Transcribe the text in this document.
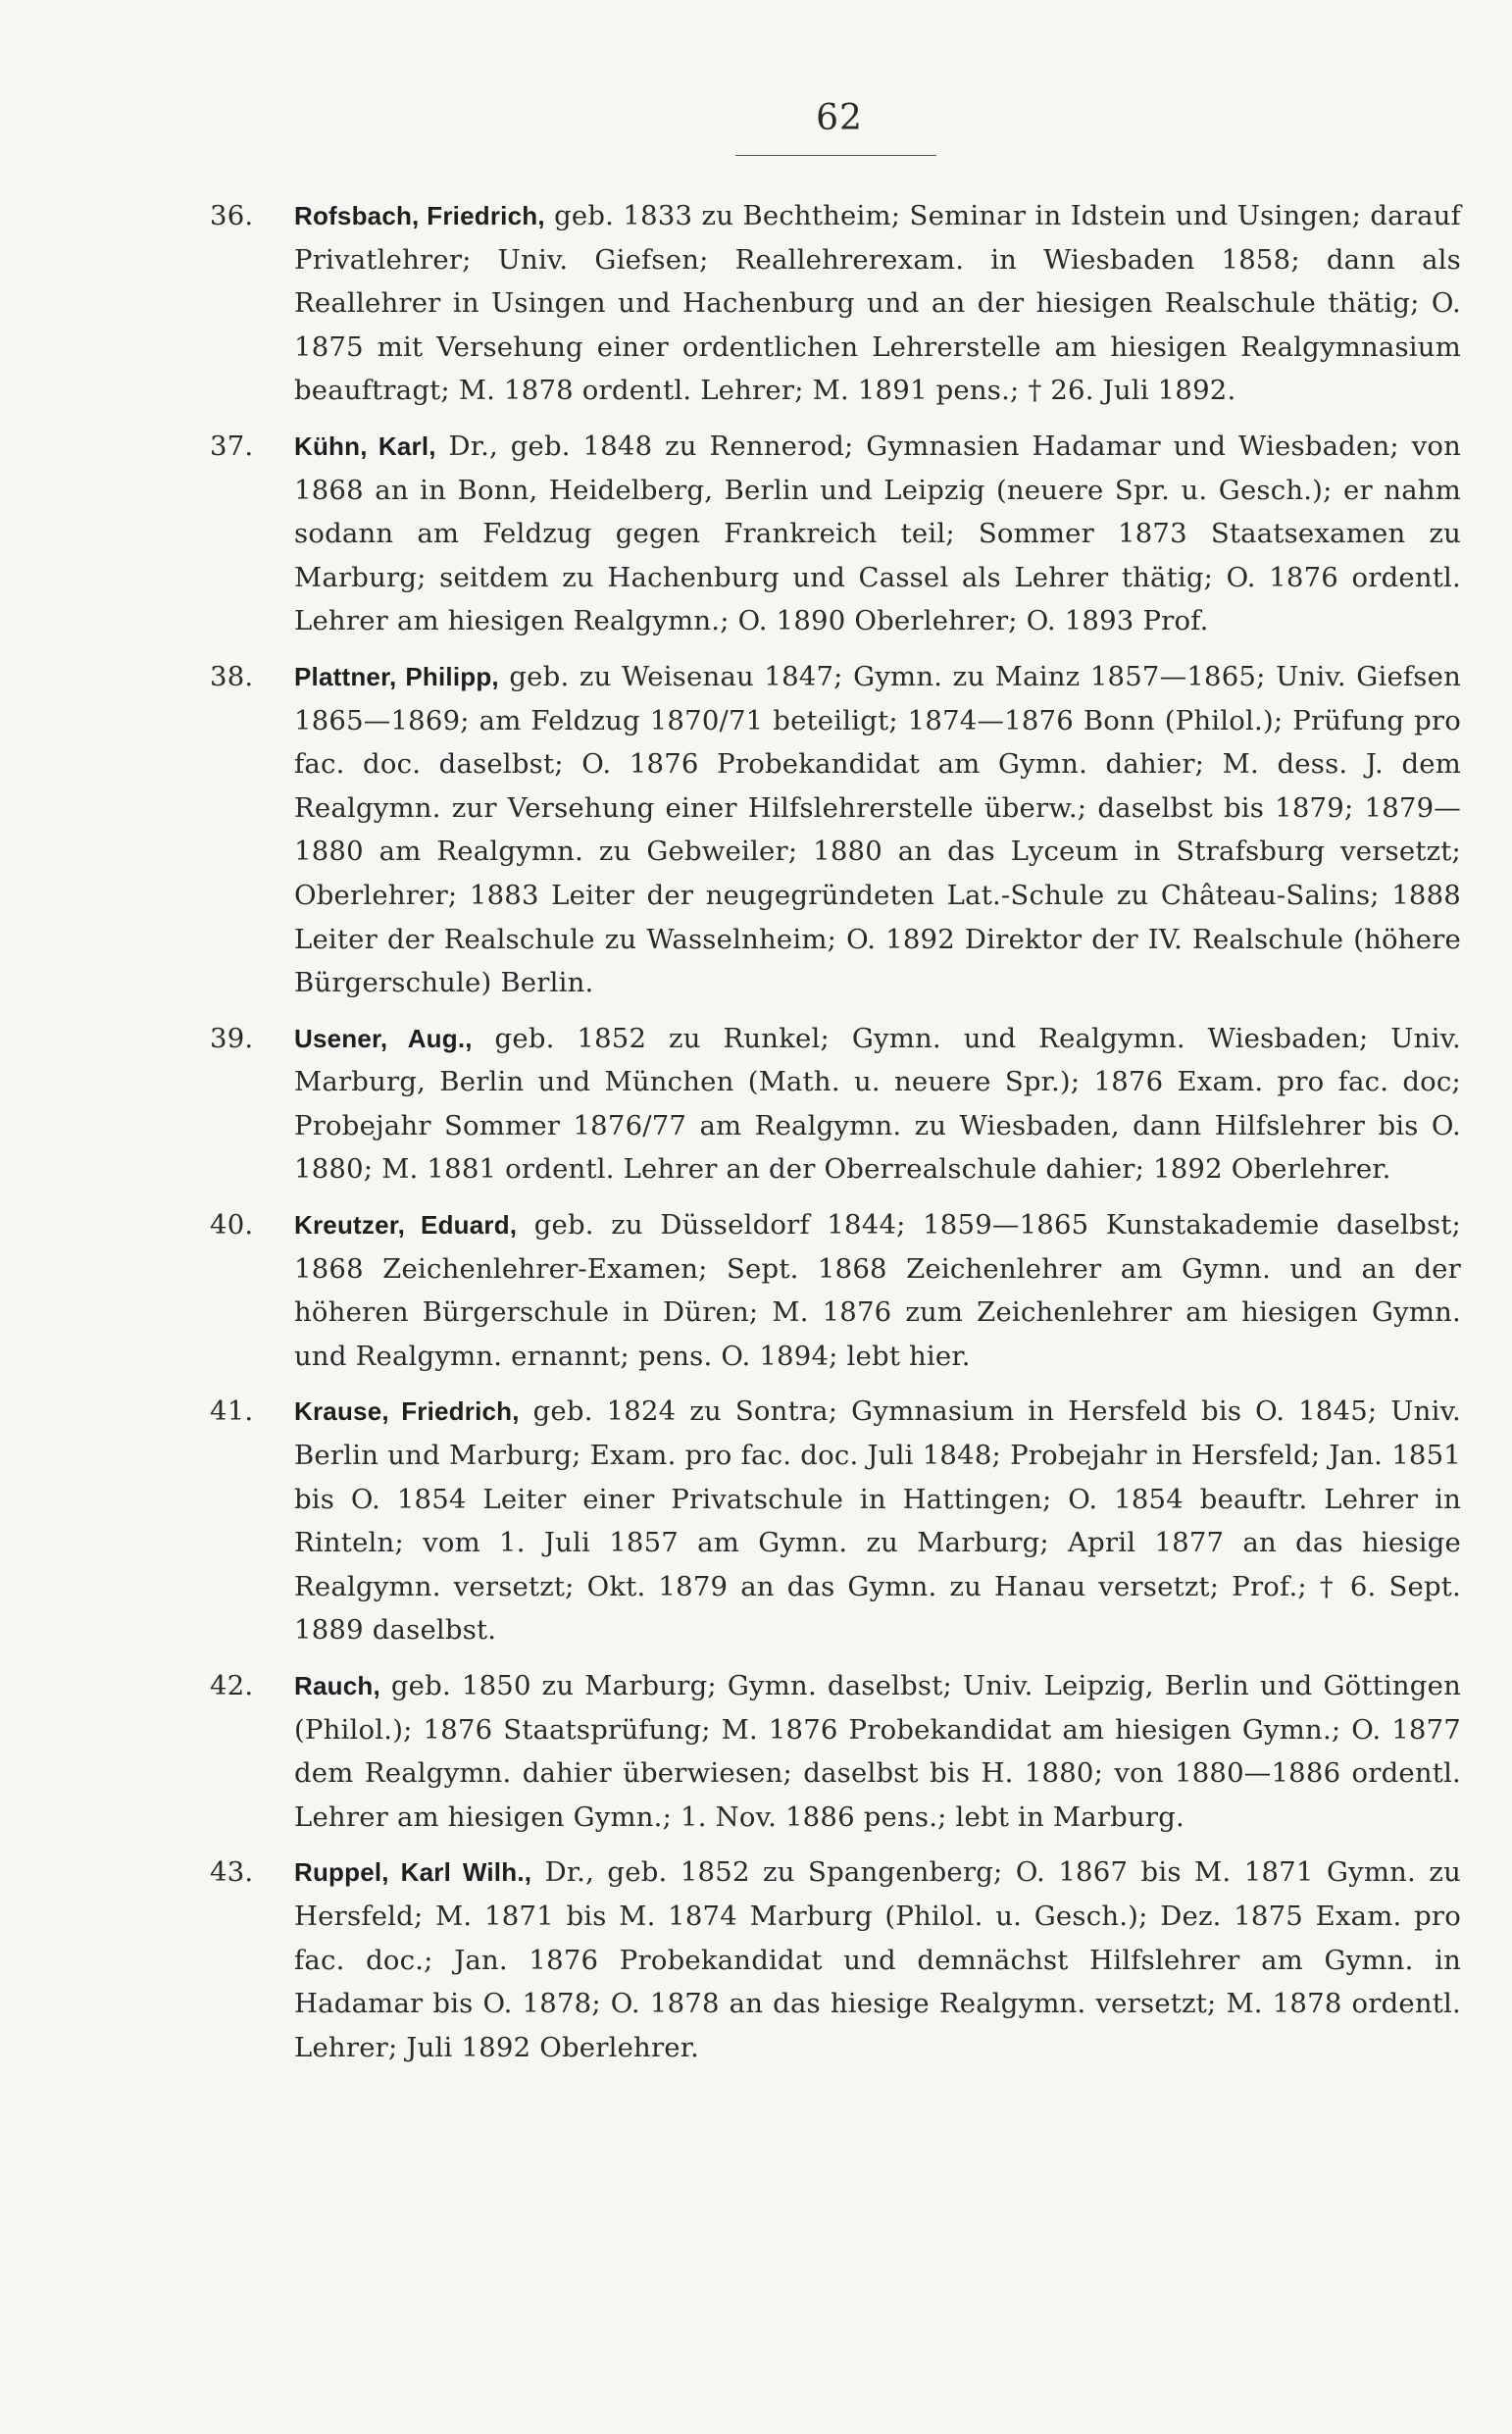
62
36. Rofsbach, Friedrich, geb. 1833 zu Bechtheim; Seminar in Idstein und Usingen; darauf Privatlehrer; Univ. Giefsen; Reallehrerexam. in Wiesbaden 1858; dann als Reallehrer in Usingen und Hachenburg und an der hiesigen Realschule thätig; O. 1875 mit Versehung einer ordentlichen Lehrerstelle am hiesigen Realgymnasium beauftragt; M. 1878 ordentl. Lehrer; M. 1891 pens.; † 26. Juli 1892.
37. Kühn, Karl, Dr., geb. 1848 zu Rennerod; Gymnasien Hadamar und Wiesbaden; von 1868 an in Bonn, Heidelberg, Berlin und Leipzig (neuere Spr. u. Gesch.); er nahm sodann am Feldzug gegen Frankreich teil; Sommer 1873 Staatsexamen zu Marburg; seitdem zu Hachenburg und Cassel als Lehrer thätig; O. 1876 ordentl. Lehrer am hiesigen Realgymn.; O. 1890 Oberlehrer; O. 1893 Prof.
38. Plattner, Philipp, geb. zu Weisenau 1847; Gymn. zu Mainz 1857—1865; Univ. Giefsen 1865—1869; am Feldzug 1870/71 beteiligt; 1874—1876 Bonn (Philol.); Prüfung pro fac. doc. daselbst; O. 1876 Probekandidat am Gymn. dahier; M. dess. J. dem Realgymn. zur Versehung einer Hilfslehrerstelle überw.; daselbst bis 1879; 1879—1880 am Realgymn. zu Gebweiler; 1880 an das Lyceum in Strafsburg versetzt; Oberlehrer; 1883 Leiter der neugegründeten Lat.-Schule zu Château-Salins; 1888 Leiter der Realschule zu Wasselnheim; O. 1892 Direktor der IV. Realschule (höhere Bürgerschule) Berlin.
39. Usener, Aug., geb. 1852 zu Runkel; Gymn. und Realgymn. Wiesbaden; Univ. Marburg, Berlin und München (Math. u. neuere Spr.); 1876 Exam. pro fac. doc; Probejahr Sommer 1876/77 am Realgymn. zu Wiesbaden, dann Hilfslehrer bis O. 1880; M. 1881 ordentl. Lehrer an der Oberrealschule dahier; 1892 Oberlehrer.
40. Kreutzer, Eduard, geb. zu Düsseldorf 1844; 1859—1865 Kunstakademie daselbst; 1868 Zeichenlehrer-Examen; Sept. 1868 Zeichenlehrer am Gymn. und an der höheren Bürgerschule in Düren; M. 1876 zum Zeichenlehrer am hiesigen Gymn. und Realgymn. ernannt; pens. O. 1894; lebt hier.
41. Krause, Friedrich, geb. 1824 zu Sontra; Gymnasium in Hersfeld bis O. 1845; Univ. Berlin und Marburg; Exam. pro fac. doc. Juli 1848; Probejahr in Hersfeld; Jan. 1851 bis O. 1854 Leiter einer Privatschule in Hattingen; O. 1854 beauftr. Lehrer in Rinteln; vom 1. Juli 1857 am Gymn. zu Marburg; April 1877 an das hiesige Realgymn. versetzt; Okt. 1879 an das Gymn. zu Hanau versetzt; Prof.; † 6. Sept. 1889 daselbst.
42. Rauch, geb. 1850 zu Marburg; Gymn. daselbst; Univ. Leipzig, Berlin und Göttingen (Philol.); 1876 Staatsprüfung; M. 1876 Probekandidat am hiesigen Gymn.; O. 1877 dem Realgymn. dahier überwiesen; daselbst bis H. 1880; von 1880—1886 ordentl. Lehrer am hiesigen Gymn.; 1. Nov. 1886 pens.; lebt in Marburg.
43. Ruppel, Karl Wilh., Dr., geb. 1852 zu Spangenberg; O. 1867 bis M. 1871 Gymn. zu Hersfeld; M. 1871 bis M. 1874 Marburg (Philol. u. Gesch.); Dez. 1875 Exam. pro fac. doc.; Jan. 1876 Probekandidat und demnächst Hilfslehrer am Gymn. in Hadamar bis O. 1878; O. 1878 an das hiesige Realgymn. versetzt; M. 1878 ordentl. Lehrer; Juli 1892 Oberlehrer.
